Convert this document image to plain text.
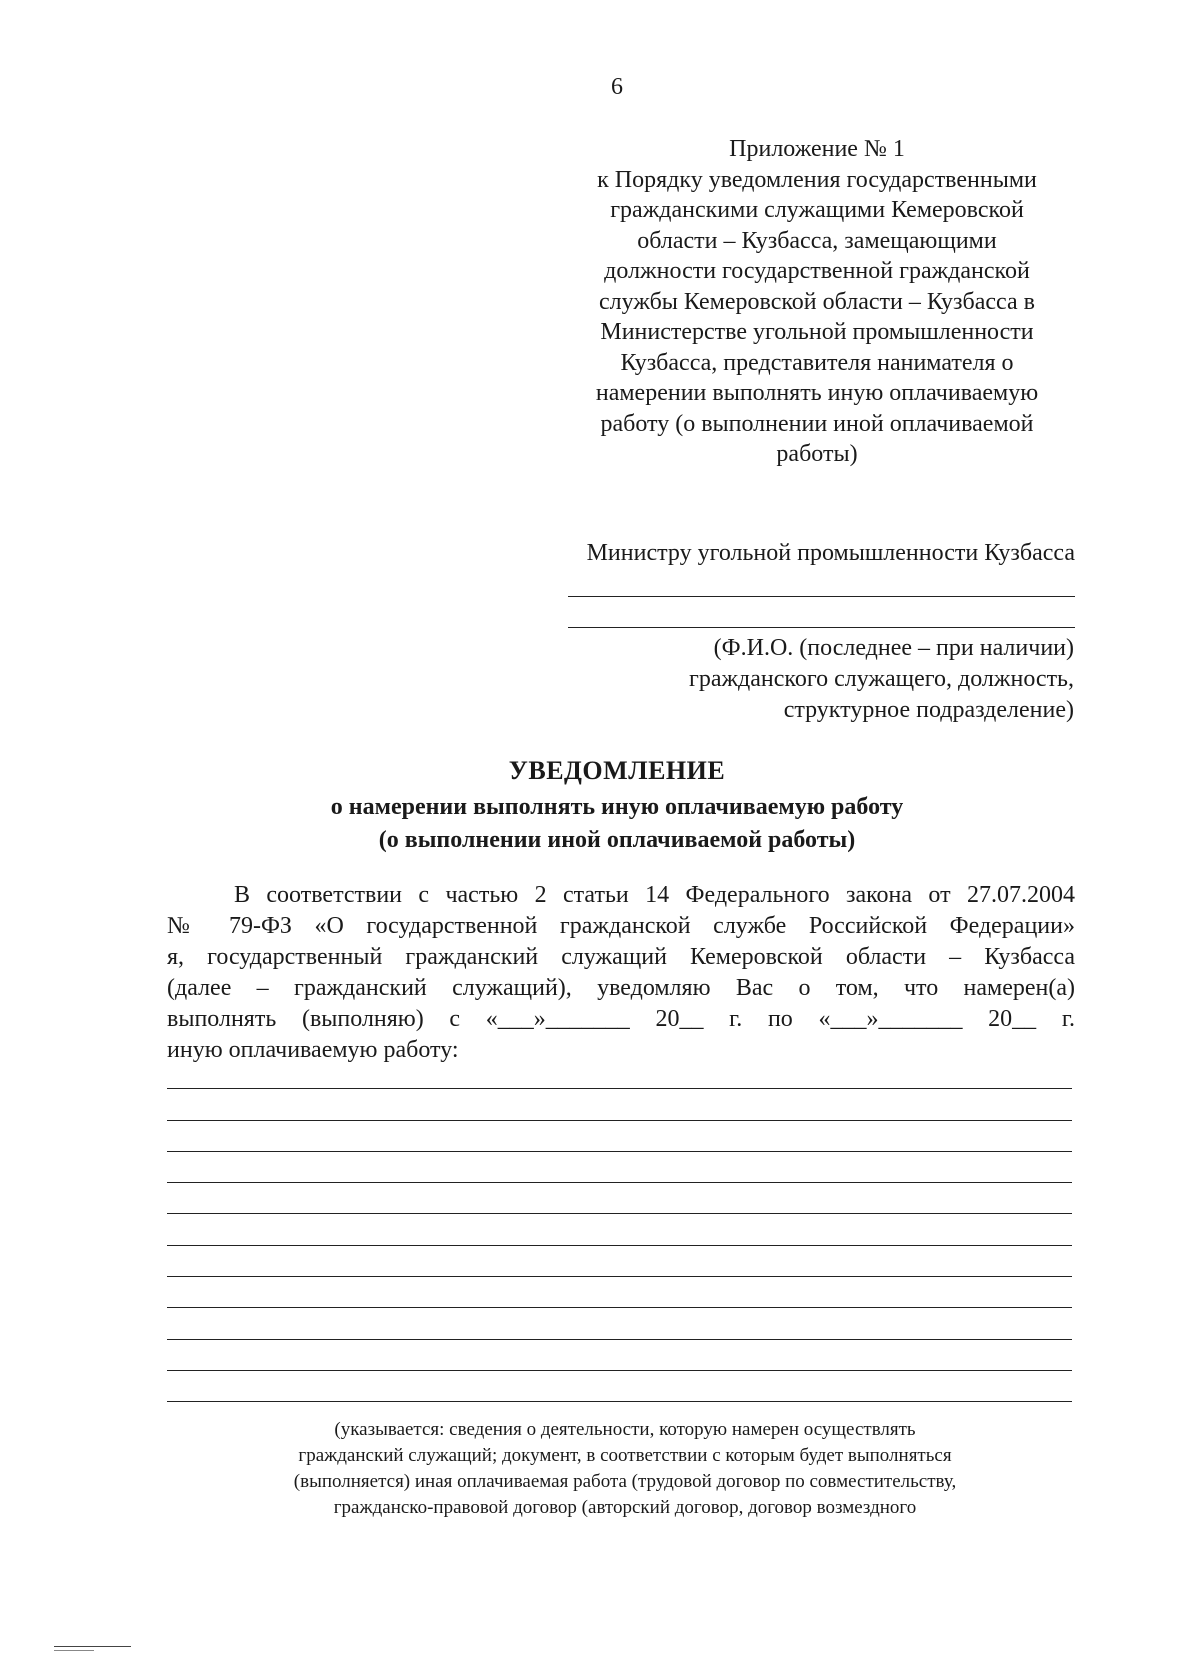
6
Приложение № 1
к Порядку уведомления государственными
гражданскими служащими Кемеровской
области – Кузбасса, замещающими
должности государственной гражданской
службы Кемеровской области – Кузбасса в
Министерстве угольной промышленности
Кузбасса, представителя нанимателя о
намерении выполнять иную оплачиваемую
работу (о выполнении иной оплачиваемой
работы)
Министру угольной промышленности Кузбасса
(Ф.И.О. (последнее – при наличии)
гражданского служащего, должность,
структурное подразделение)
УВЕДОМЛЕНИЕ
о намерении выполнять иную оплачиваемую работу
(о выполнении иной оплачиваемой работы)
В соответствии с частью 2 статьи 14 Федерального закона от 27.07.2004
№ 79-ФЗ «О государственной гражданской службе Российской Федерации»
я, государственный гражданский служащий Кемеровской области – Кузбасса
(далее – гражданский служащий), уведомляю Вас о том, что намерен(а)
выполнять (выполняю) с «___»_______ 20__ г. по «___»_______ 20__ г.
иную оплачиваемую работу:
(указывается: сведения о деятельности, которую намерен осуществлять
гражданский служащий; документ, в соответствии с которым будет выполняться
(выполняется) иная оплачиваемая работа (трудовой договор по совместительству,
гражданско-правовой договор (авторский договор, договор возмездного
